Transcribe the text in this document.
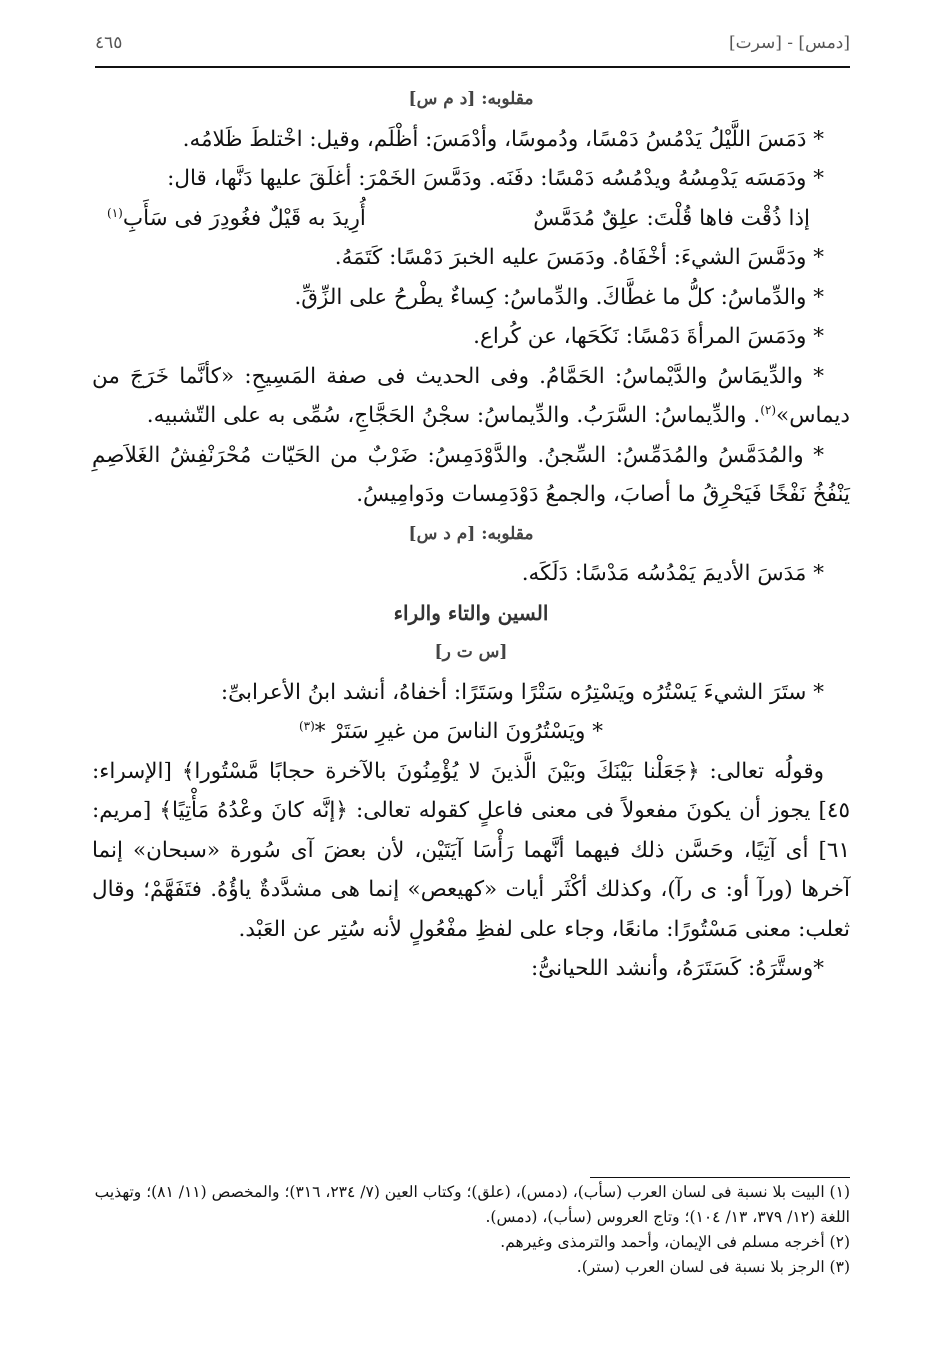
[دمس] - [سرت]
٤٦٥
مقلوبه: [د م س]

* دَمَسَ اللَّيْلُ يَدْمُسُ دَمْسًا، ودُموسًا، وأدْمَسَ: أظْلَم، وقيل: اخْتلطَ ظَلامُه.

* ودَمَسَه يَدْمِسُهُ ويدْمُسُه دَمْسًا: دفَنَه. ودَمَّسَ الخَمْرَ: أغلَقَ عليها دَنَّها، قال:

إذا ذُقْت فاها قُلْتَ: علِقٌ مُدَمَّسٌ
أُرِيدَ به قَيْلٌ فغُودِرَ فى سَأَبِ$^{(١)}$

* ودَمَّسَ الشيءَ: أخْفَاهُ. ودَمَسَ عليه الخبرَ دَمْسًا: كَتَمَهُ.

* والدِّماسُ: كلُّ ما غطَّاكَ. والدِّماسُ: كِساءٌ يطْرحُ على الزِّقِّ.

* ودَمَسَ المرأةَ دَمْسًا: نَكَحَها، عن كُراع.

* والدِّيمَاسُ والدَّيْماسُ: الحَمَّامُ. وفى الحديث فى صفة المَسِيحِ: «كأنَّما خَرَجَ من ديماس»$^{(٢)}$. والدِّيماسُ: السَّرَبُ. والدِّيماسُ: سجْنُ الحَجَّاجِ، سُمِّى به على التّشبيه.

* والمُدَمَّسُ والمُدَمِّسُ: السِّجنُ. والدَّوْدَمِسُ: ضَرْبٌ من الحَيّات مُحْرَنْفِشُ الغَلاَصِمِ يَنْفُخُ نَفْخًا فَيَحْرِقُ ما أصابَ، والجمعُ دَوْدَمِسات ودَوامِيسُ.

مقلوبه: [م د س]

* مَدَسَ الأديمَ يَمْدُسُه مَدْسًا: دَلَكَه.

السين والتاء والراء
[س ت ر]

* ستَرَ الشيءَ يَسْتُرُه ويَسْتِرُه سَتْرًا وسَتَرًا: أخفاهُ، أنشد ابنُ الأعرابىِّ:

* ويَسْتُرُونَ الناسَ من غيرِ سَتَرْ *$^{(٣)}$

وقولُه تعالى: ﴿جَعَلْنا بَيْنَكَ وبَيْنَ الَّذينَ لا يُؤْمِنُونَ بالآخرة حجابًا مَّسْتُورا﴾ [الإسراء: ٤٥] يجوز أن يكونَ مفعولاً فى معنى فاعلٍ كقوله تعالى: ﴿إنَّه كانَ وعْدُهُ مَأْتِيًا﴾ [مريم: ٦١] أى آتِيًا، وحَسَّن ذلك فيهما أنَّهما رَأْسَا آيَتَيْن، لأن بعضَ آى سُورة «سبحان» إنما آخرها (ورآ أو: ى رآ)، وكذلك أكْثَر أيات «كهيعص» إنما هى مشدَّدةٌ ياؤُهُ. فتَفَهَّمْ؛ وقال ثعلب: معنى مَسْتُورًا: مانعًا، وجاء على لفظِ مفْعُولٍ لأنه سُتِر عن العَبْد.

*وستَّرَهُ: كَسَتَرَهُ، وأنشد اللحيانىُّ:

(١) البيت بلا نسبة فى لسان العرب (سأب)، (دمس)، (علق)؛ وكتاب العين (٧/ ٢٣٤، ٣١٦)؛ والمخصص (١١/ ٨١)؛ وتهذيب اللغة (١٢/ ٣٧٩، ١٣/ ١٠٤)؛ وتاج العروس (سأب)، (دمس).

(٢) أخرجه مسلم فى الإيمان، وأحمد والترمذى وغيرهم.

(٣) الرجز بلا نسبة فى لسان العرب (ستر).
